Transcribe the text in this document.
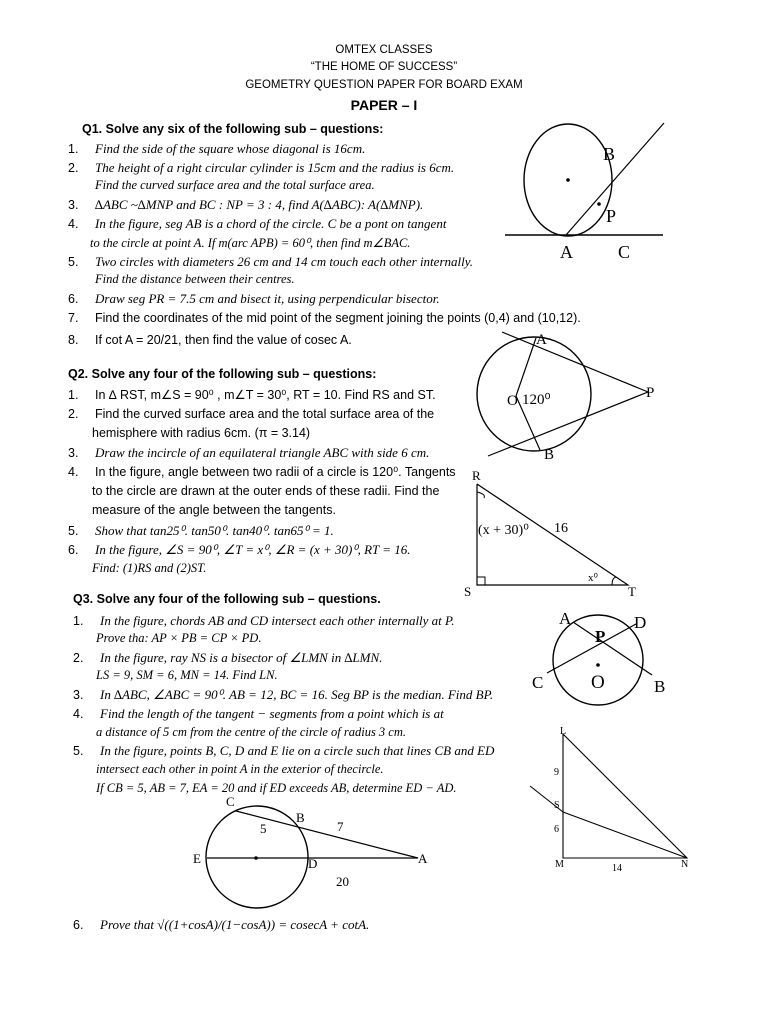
OMTEX CLASSES
“THE HOME OF SUCCESS”
GEOMETRY QUESTION PAPER FOR BOARD EXAM
PAPER – I
Q1. Solve any six of the following sub – questions:
1. Find the side of the square whose diagonal is 16cm.
2. The height of a right circular cylinder is 15cm and the radius is 6cm.
Find the curved surface area and the total surface area.
3. ∆ABC ~∆MNP and BC : NP = 3 : 4, find A(∆ABC): A(∆MNP).
4. In the figure, seg AB is a chord of the circle. C be a pont on tangent
to the circle at point A. If m(arc APB) = 60⁰, then find m∠BAC.
5. Two circles with diameters 26 cm and 14 cm touch each other internally.
Find the distance between their centres.
6. Draw seg PR = 7.5 cm and bisect it, using perpendicular bisector.
7. Find the coordinates of the mid point of the segment joining the points (0,4) and (10,12).
8. If cot A = 20/21, then find the value of cosec A.
Q2. Solve any four of the following sub – questions:
1. In ∆ RST, m∠S = 90⁰ , m∠T = 30⁰, RT = 10. Find RS and ST.
2. Find the curved surface area and the total surface area of the
hemisphere with radius 6cm. (π = 3.14)
3. Draw the incircle of an equilateral triangle ABC with side 6 cm.
4. In the figure, angle between two radii of a circle is 120⁰. Tangents
to the circle are drawn at the outer ends of these radii. Find the
measure of the angle between the tangents.
5. Show that tan25⁰. tan50⁰. tan40⁰. tan65⁰ = 1.
6. In the figure, ∠S = 90⁰, ∠T = x⁰, ∠R = (x + 30)⁰, RT = 16.
Find: (1)RS and (2)ST.
Q3. Solve any four of the following sub – questions.
1. In the figure, chords AB and CD intersect each other internally at P.
Prove tha: AP × PB = CP × PD.
2. In the figure, ray NS is a bisector of ∠LMN in ∆LMN.
LS = 9, SM = 6, MN = 14. Find LN.
3. In ∆ABC, ∠ABC = 90⁰. AB = 12, BC = 16. Seg BP is the median. Find BP.
4. Find the length of the tangent − segments from a point which is at
a distance of 5 cm from the centre of the circle of radius 3 cm.
5. In the figure, points B, C, D and E lie on a circle such that lines CB and ED
intersect each other in point A in the exterior of thecircle.
If CB = 5, AB = 7, EA = 20 and if ED exceeds AB, determine ED − AD.
6. Prove that √((1+cosA)/(1−cosA)) = cosecA + cotA.
B
P
A	C
A
O 120⁰	P
B
R
S	T
(x + 30)⁰ 16
x⁰
A	D
P
C	O	B
C
B
E	D	A
5	7
20
L
S
M	N
9
6
14
